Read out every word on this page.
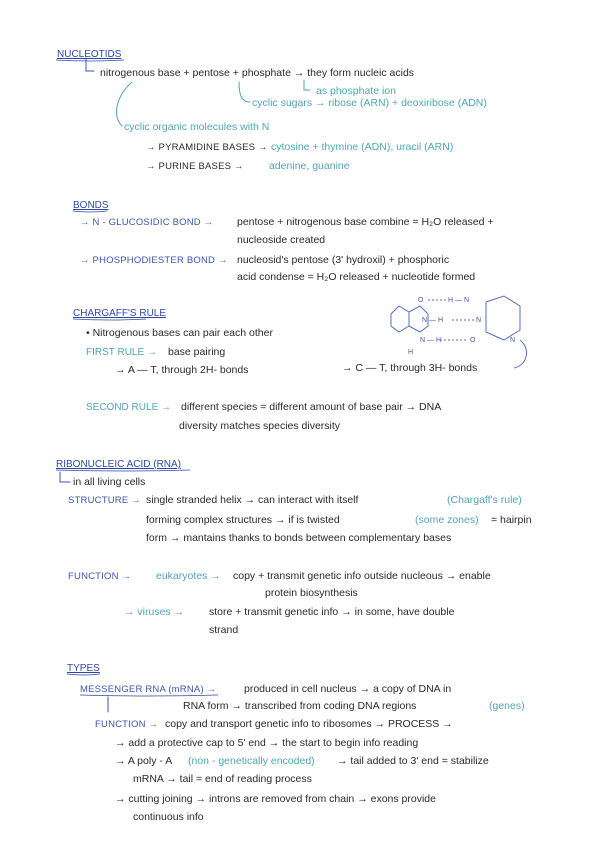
NUCLEOTIDS
nitrogenous base + pentose + phosphate → they form nucleic acids
as phosphate ion
cyclic sugars → ribose (ARN) + deoxiribose (ADN)
cyclic organic molecules with N
→ PYRAMIDINE BASES → cytosine + thymine (ADN), uracil (ARN)
→ PURINE BASES → adenine, guanine
BONDS
→ N - GLUCOSIDIC BOND → pentose + nitrogenous base combine = H₂O released +
nucleoside created
→ PHOSPHODIESTER BOND → nucleosid's pentose (3' hydroxil) + phosphoric
acid condense = H₂O released + nucleotide formed
CHARGAFF'S RULE
• Nitrogenous bases can pair each other
FIRST RULE → base pairing
→ A — T, through 2H- bonds	→ C — T, through 3H- bonds
O	H — N
N — H	N
N — H	O
H
N
SECOND RULE → different species = different amount of base pair → DNA
diversity matches species diversity
RIBONUCLEIC ACID (RNA)
in all living cells
STRUCTURE → single stranded helix → can interact with itself	(Chargaff's rule)
forming complex structures → if is twisted	(some zones) = hairpin
form → mantains thanks to bonds between complementary bases
FUNCTION → eukaryotes → copy + transmit genetic info outside nucleous → enable
protein biosynthesis
→ viruses → store + transmit genetic info → in some, have double
strand
TYPES
MESSENGER RNA (mRNA) →	produced in cell nucleus → a copy of DNA in
RNA form → transcribed from coding DNA regions	(genes)
FUNCTION → copy and transport genetic info to ribosomes → PROCESS →
→ add a protective cap to 5' end → the start to begin info reading
→ A poly - A (non - genetically encoded) → tail added to 3' end = stabilize
mRNA → tail = end of reading process
→ cutting joining → introns are removed from chain → exons provide
continuous info
